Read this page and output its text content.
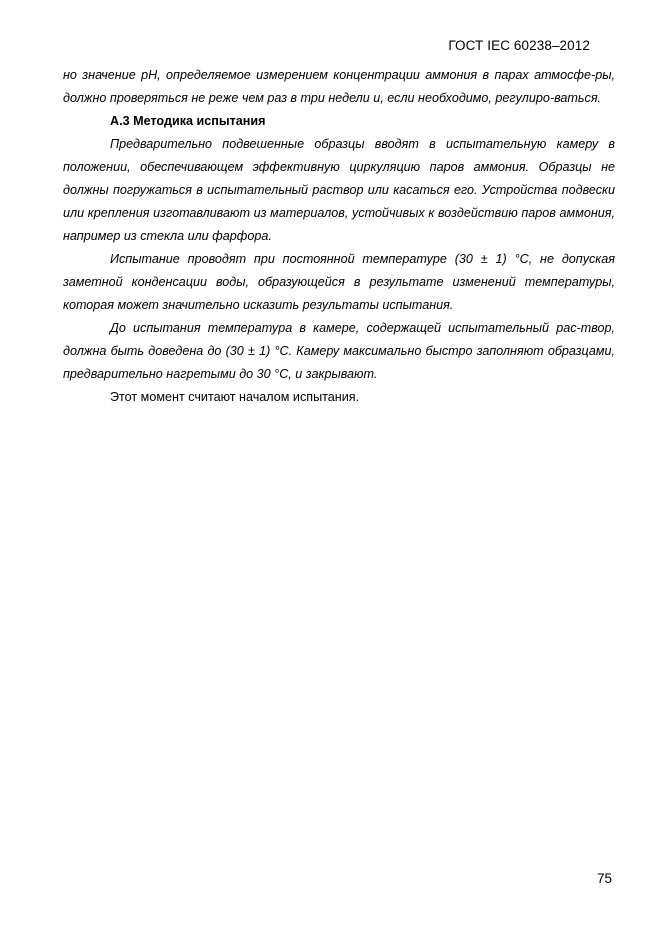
ГОСТ IEC 60238–2012

но значение pH, определяемое измерением концентрации аммония в парах атмосфе-ры, должно проверяться не реже чем раз в три недели и, если необходимо, регулиро-ваться.

А.3 Методика испытания

Предварительно подвешенные образцы вводят в испытательную камеру в положении, обеспечивающем эффективную циркуляцию паров аммония. Образцы не должны погружаться в испытательный раствор или касаться его. Устройства подвески или крепления изготавливают из материалов, устойчивых к воздействию паров аммония, например из стекла или фарфора.

Испытание проводят при постоянной температуре (30 ± 1) °С, не допуская заметной конденсации воды, образующейся в результате изменений температуры, которая может значительно исказить результаты испытания.

До испытания температура в камере, содержащей испытательный рас-твор, должна быть доведена до (30 ± 1) °С. Камеру максимально быстро заполняют образцами, предварительно нагретыми до 30 °С, и закрывают.

Этот момент считают началом испытания.

75
